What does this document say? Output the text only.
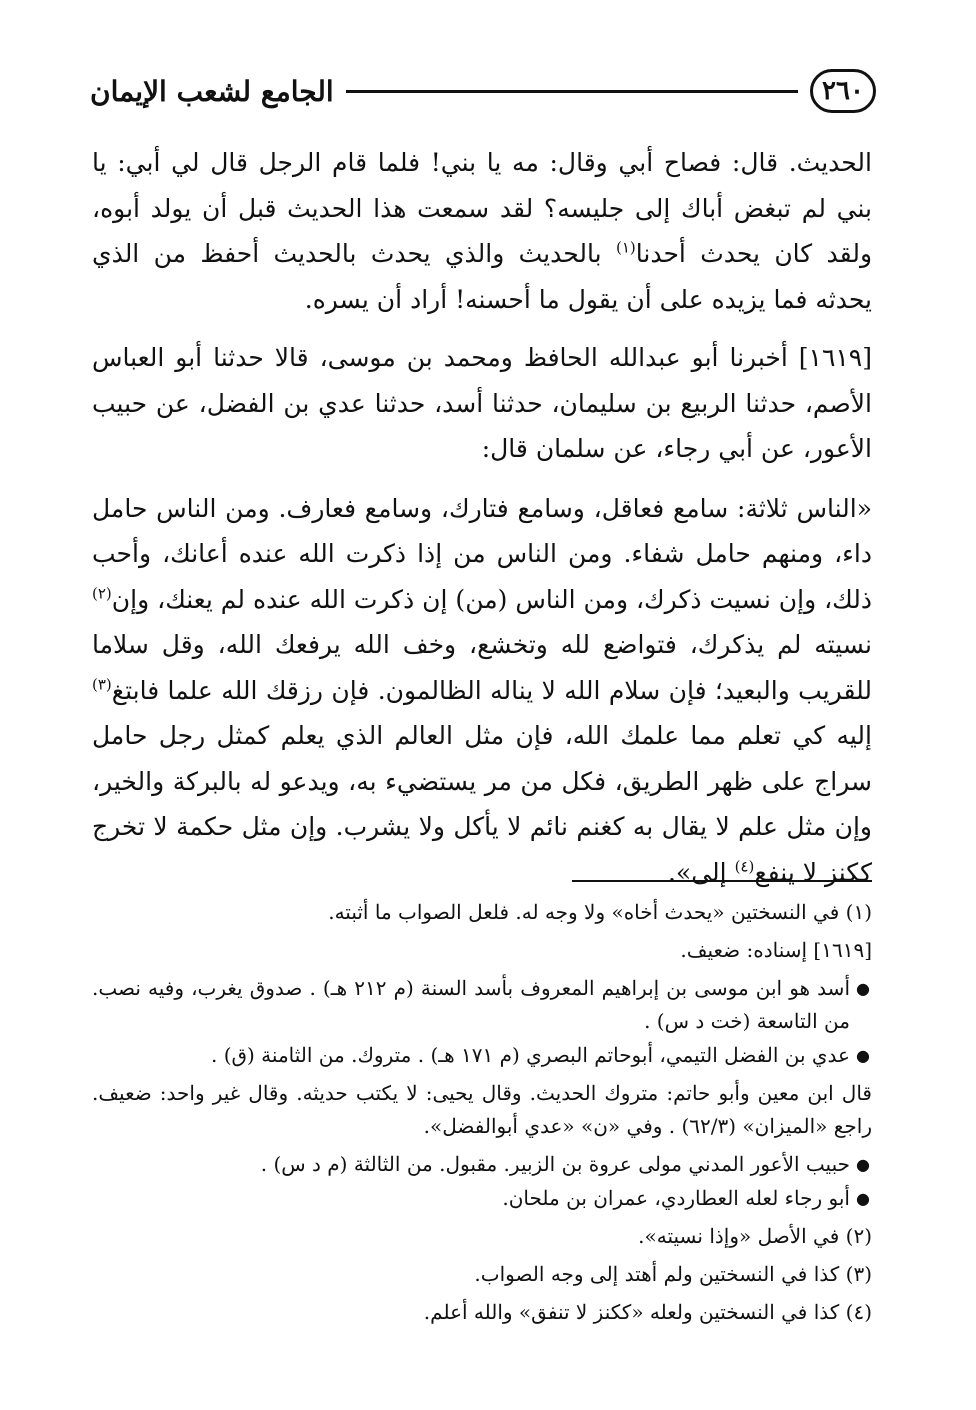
٢٦٠
الجامع لشعب الإيمان

الحديث. قال: فصاح أبي وقال: مه يا بني! فلما قام الرجل قال لي أبي: يا بني لم تبغض أباك إلى جليسه؟ لقد سمعت هذا الحديث قبل أن يولد أبوه، ولقد كان يحدث أحدنا$^{(١)}$ بالحديث والذي يحدث بالحديث أحفظ من الذي يحدثه فما يزيده على أن يقول ما أحسنه! أراد أن يسره.

[١٦١٩] أخبرنا أبو عبدالله الحافظ ومحمد بن موسى، قالا حدثنا أبو العباس الأصم، حدثنا الربيع بن سليمان، حدثنا أسد، حدثنا عدي بن الفضل، عن حبيب الأعور، عن أبي رجاء، عن سلمان قال:

«الناس ثلاثة: سامع فعاقل، وسامع فتارك، وسامع فعارف. ومن الناس حامل داء، ومنهم حامل شفاء. ومن الناس من إذا ذكرت الله عنده أعانك، وأحب ذلك، وإن نسيت ذكرك، ومن الناس (من) إن ذكرت الله عنده لم يعنك، وإن$^{(٢)}$ نسيته لم يذكرك، فتواضع لله وتخشع، وخف الله يرفعك الله، وقل سلاما للقريب والبعيد؛ فإن سلام الله لا يناله الظالمون. فإن رزقك الله علما فابتغ$^{(٣)}$ إليه كي تعلم مما علمك الله، فإن مثل العالم الذي يعلم كمثل رجل حامل سراج على ظهر الطريق، فكل من مر يستضيء به، ويدعو له بالبركة والخير، وإن مثل علم لا يقال به كغنم نائم لا يأكل ولا يشرب. وإن مثل حكمة لا تخرج ككنز لا ينفع$^{(٤)}$ إلى».

(١) في النسختين «يحدث أخاه» ولا وجه له. فلعل الصواب ما أثبته.

[١٦١٩] إسناده: ضعيف.

●
أسد هو ابن موسى بن إبراهيم المعروف بأسد السنة (م ٢١٢ هـ) . صدوق يغرب، وفيه نصب. من التاسعة (خت د س) .
●
عدي بن الفضل التيمي، أبوحاتم البصري (م ١٧١ هـ) . متروك. من الثامنة (ق) .

قال ابن معين وأبو حاتم: متروك الحديث. وقال يحيى: لا يكتب حديثه. وقال غير واحد: ضعيف. راجع «الميزان» (٦٢/٣) . وفي «ن» «عدي أبوالفضل».

●
حبيب الأعور المدني مولى عروة بن الزبير. مقبول. من الثالثة (م د س) .
●
أبو رجاء لعله العطاردي، عمران بن ملحان.

(٢) في الأصل «وإذا نسيته».

(٣) كذا في النسختين ولم أهتد إلى وجه الصواب.

(٤) كذا في النسختين ولعله «ككنز لا تنفق» والله أعلم.
